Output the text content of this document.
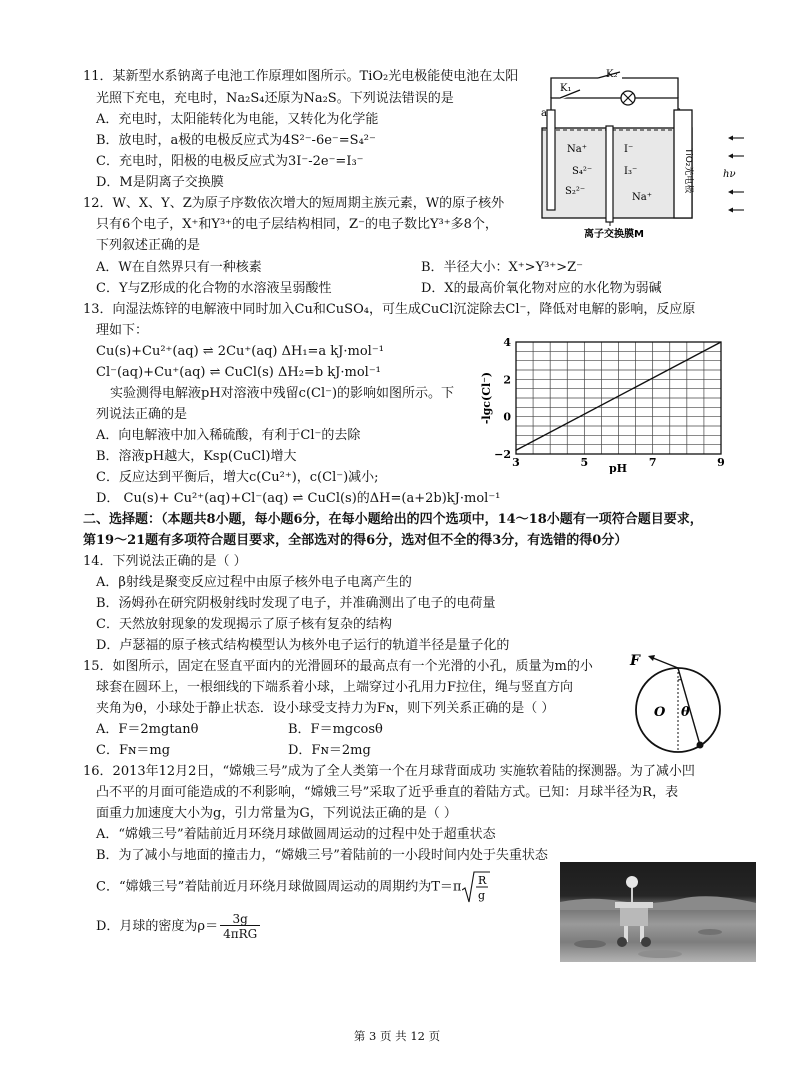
11．某新型水系钠离子电池工作原理如图所示。TiO₂光电极能使电池在太阳
光照下充电，充电时，Na₂S₄还原为Na₂S。下列说法错误的是
A．充电时，太阳能转化为电能，又转化为化学能
B．放电时，a极的电极反应式为4S²⁻-6e⁻=S₄²⁻
C．充电时，阳极的电极反应式为3I⁻-2e⁻=I₃⁻
D．M是阴离子交换膜
K₂
K₁
a
TiO₂光电极
Na⁺
S₄²⁻
S₂²⁻
I⁻
I₃⁻
Na⁺
hν
离子交换膜M
12．W、X、Y、Z为原子序数依次增大的短周期主族元素，W的原子核外
只有6个电子，X⁺和Y³⁺的电子层结构相同，Z⁻的电子数比Y³⁺多8个，
下列叙述正确的是
A．W在自然界只有一种核素	B．半径大小：X⁺>Y³⁺>Z⁻
C．Y与Z形成的化合物的水溶液呈弱酸性	D．X的最高价氧化物对应的水化物为弱碱
13．向湿法炼锌的电解液中同时加入Cu和CuSO₄，可生成CuCl沉淀除去Cl⁻，降低对电解的影响，反应原
理如下：
Cu(s)+Cu²⁺(aq) ⇌ 2Cu⁺(aq) ΔH₁=a kJ·mol⁻¹
Cl⁻(aq)+Cu⁺(aq) ⇌ CuCl(s) ΔH₂=b kJ·mol⁻¹
实验测得电解液pH对溶液中残留c(Cl⁻)的影响如图所示。下
列说法正确的是
A．向电解液中加入稀硫酸，有利于Cl⁻的去除
B．溶液pH越大，Ksp(CuCl)增大
C．反应达到平衡后，增大c(Cu²⁺)，c(Cl⁻)减小;
D． Cu(s)+ Cu²⁺(aq)+Cl⁻(aq) ⇌ CuCl(s)的ΔH=(a+2b)kJ·mol⁻¹
3	5	7	9
4
2
0
−2
-lgc(Cl⁻)
pH
二、选择题：（本题共8小题，每小题6分，在每小题给出的四个选项中，14～18小题有一项符合题目要求，
第19～21题有多项符合题目要求，全部选对的得6分，选对但不全的得3分，有选错的得0分）
14．下列说法正确的是（ ）
A．β射线是聚变反应过程中由原子核外电子电离产生的
B．汤姆孙在研究阴极射线时发现了电子，并准确测出了电子的电荷量
C．天然放射现象的发现揭示了原子核有复杂的结构
D．卢瑟福的原子核式结构模型认为核外电子运行的轨道半径是量子化的
15．如图所示，固定在竖直平面内的光滑圆环的最高点有一个光滑的小孔，质量为m的小
球套在圆环上，一根细线的下端系着小球，上端穿过小孔用力F拉住，绳与竖直方向
夹角为θ，小球处于静止状态．设小球受支持力为Fɴ，则下列关系正确的是（ ）
A．F＝2mgtanθ	B．F＝mgcosθ
C．Fɴ＝mg	D．Fɴ＝2mg
F
O θ
16．2013年12月2日，“嫦娥三号”成为了全人类第一个在月球背面成功 实施软着陆的探测器。为了减小凹
凸不平的月面可能造成的不利影响，“嫦娥三号”采取了近乎垂直的着陆方式。已知：月球半径为R，表
面重力加速度大小为g，引力常量为G，下列说法正确的是（ ）
A．“嫦娥三号”着陆前近月环绕月球做圆周运动的过程中处于超重状态
B．为了减小与地面的撞击力，“嫦娥三号”着陆前的一小段时间内处于失重状态
C．“嫦娥三号”着陆前近月环绕月球做圆周运动的周期约为T＝π R
g
D．月球的密度为ρ＝	3g
4πRG
第 3 页 共 12 页
